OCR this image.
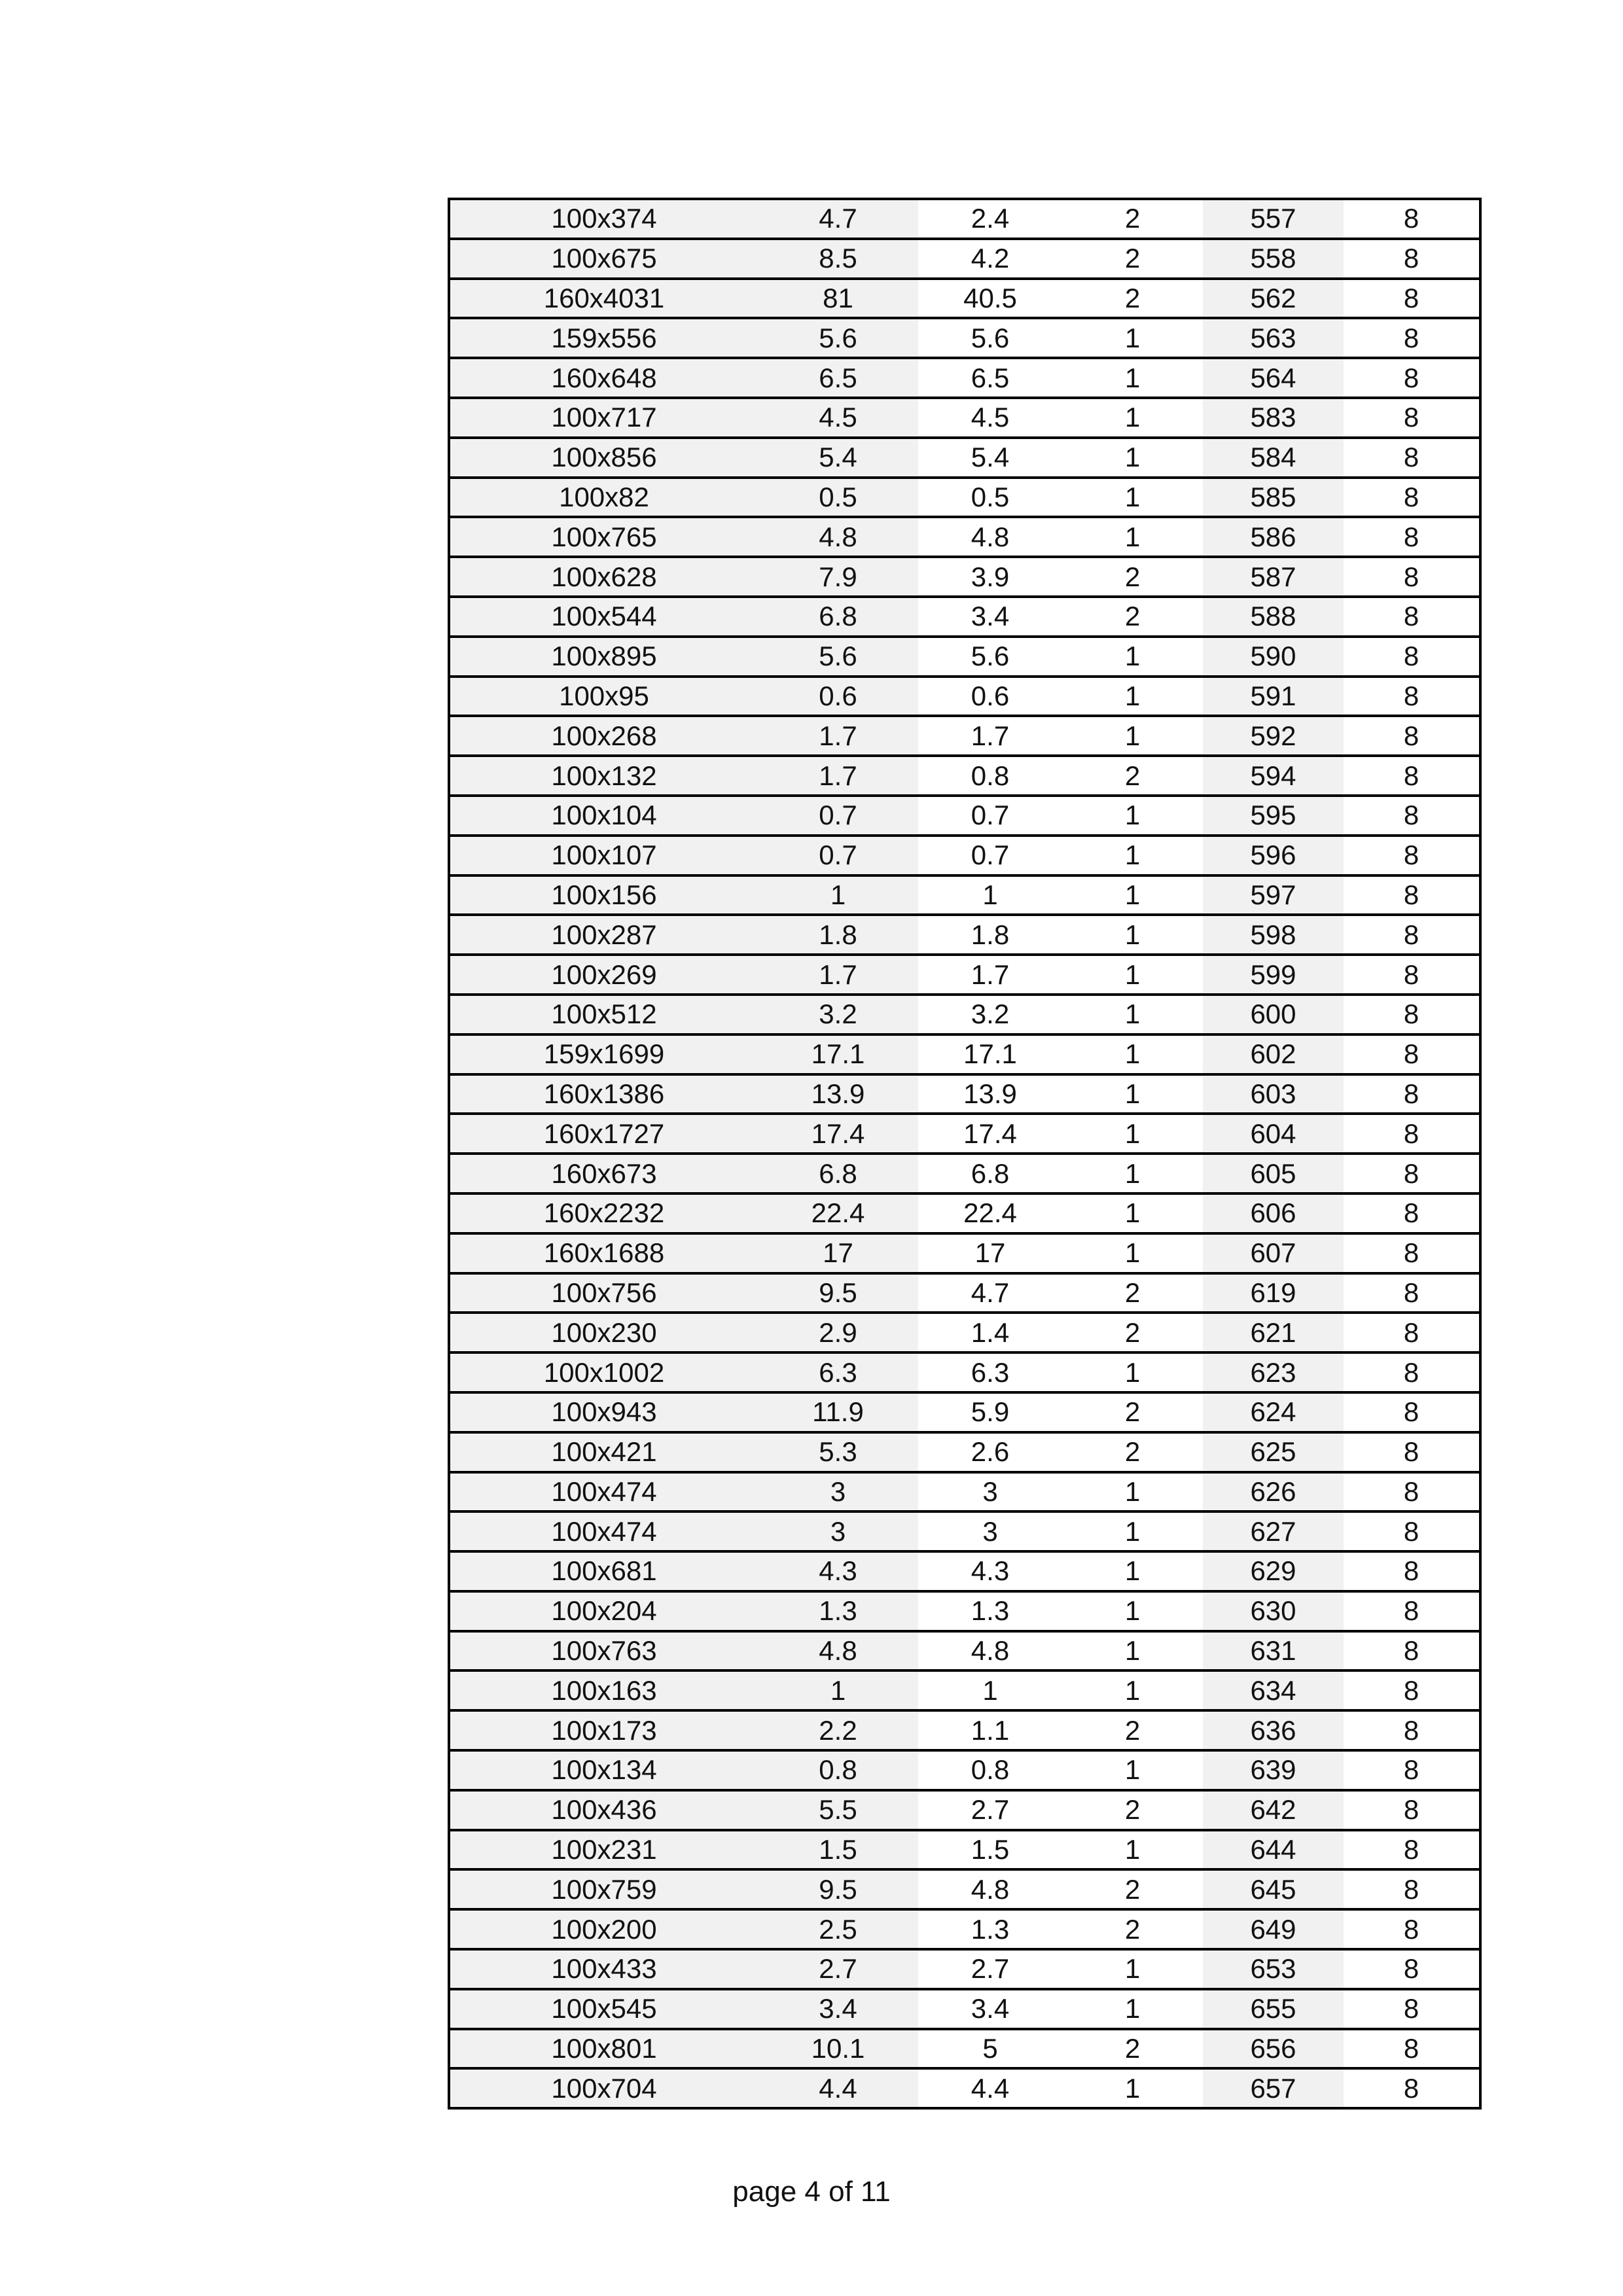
100x374	4.7	2.4	2	557	8
100x675	8.5	4.2	2	558	8
160x4031	81	40.5	2	562	8
159x556	5.6	5.6	1	563	8
160x648	6.5	6.5	1	564	8
100x717	4.5	4.5	1	583	8
100x856	5.4	5.4	1	584	8
100x82	0.5	0.5	1	585	8
100x765	4.8	4.8	1	586	8
100x628	7.9	3.9	2	587	8
100x544	6.8	3.4	2	588	8
100x895	5.6	5.6	1	590	8
100x95	0.6	0.6	1	591	8
100x268	1.7	1.7	1	592	8
100x132	1.7	0.8	2	594	8
100x104	0.7	0.7	1	595	8
100x107	0.7	0.7	1	596	8
100x156	1	1	1	597	8
100x287	1.8	1.8	1	598	8
100x269	1.7	1.7	1	599	8
100x512	3.2	3.2	1	600	8
159x1699	17.1	17.1	1	602	8
160x1386	13.9	13.9	1	603	8
160x1727	17.4	17.4	1	604	8
160x673	6.8	6.8	1	605	8
160x2232	22.4	22.4	1	606	8
160x1688	17	17	1	607	8
100x756	9.5	4.7	2	619	8
100x230	2.9	1.4	2	621	8
100x1002	6.3	6.3	1	623	8
100x943	11.9	5.9	2	624	8
100x421	5.3	2.6	2	625	8
100x474	3	3	1	626	8
100x474	3	3	1	627	8
100x681	4.3	4.3	1	629	8
100x204	1.3	1.3	1	630	8
100x763	4.8	4.8	1	631	8
100x163	1	1	1	634	8
100x173	2.2	1.1	2	636	8
100x134	0.8	0.8	1	639	8
100x436	5.5	2.7	2	642	8
100x231	1.5	1.5	1	644	8
100x759	9.5	4.8	2	645	8
100x200	2.5	1.3	2	649	8
100x433	2.7	2.7	1	653	8
100x545	3.4	3.4	1	655	8
100x801	10.1	5	2	656	8
100x704	4.4	4.4	1	657	8
page 4 of 11
